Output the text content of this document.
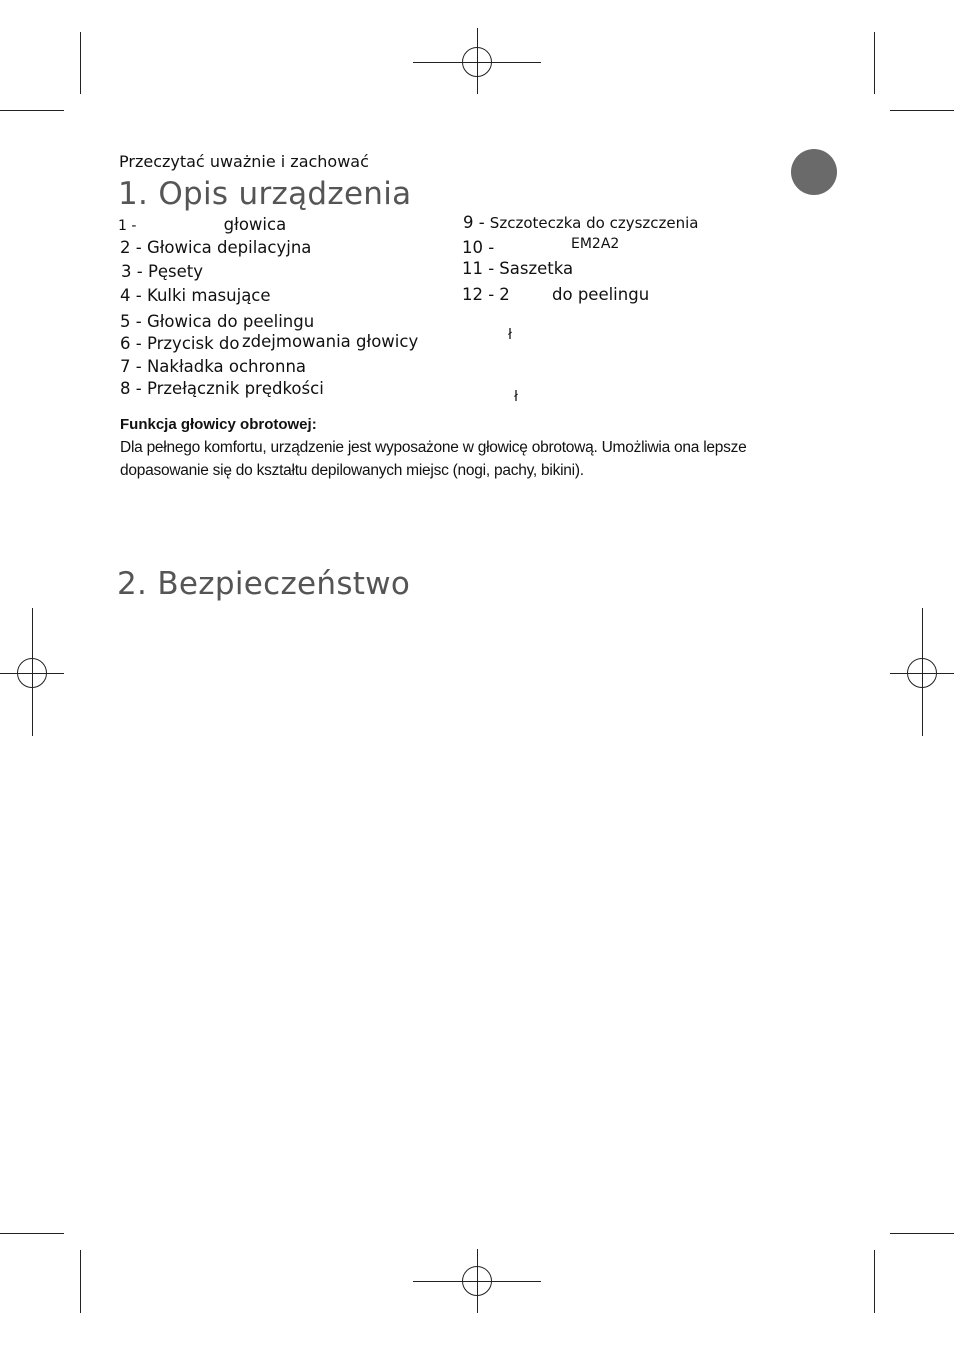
Przeczytać uważnie i zachować
1. Opis urządzenia
1 -	głowica
2 - Głowica depilacyjna
3 - Pęsety
4 - Kulki masujące
5 - Głowica do peelingu
6 - Przycisk do zdejmowania głowicy
7 - Nakładka ochronna
8 - Przełącznik prędkości
9 - Szczoteczka do czyszczenia
10 -	EM2A2
11 - Saszetka
12 - 2	do peelingu
ł
ł
Funkcja głowicy obrotowej:
Dla pełnego komfortu, urządzenie jest wyposażone w głowicę obrotową. Umożliwia ona lepsze
dopasowanie się do kształtu depilowanych miejsc (nogi, pachy, bikini).
2. Bezpieczeństwo
